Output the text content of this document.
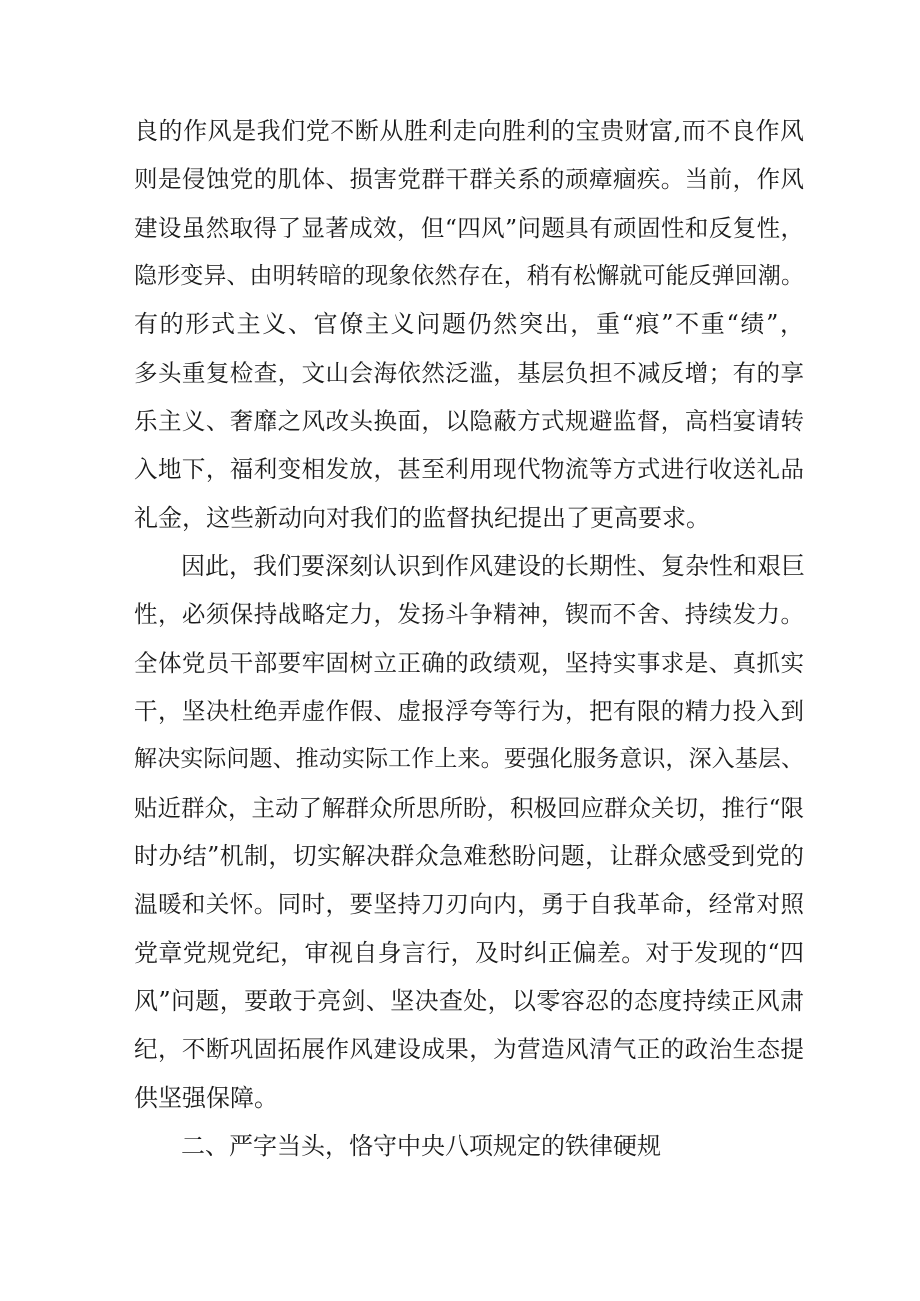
良的作风是我们党不断从胜利走向胜利的宝贵财富,而不良作风
则是侵蚀党的肌体、损害党群干群关系的顽瘴痼疾。当前，作风
建设虽然取得了显著成效，但“四风”问题具有顽固性和反复性，
隐形变异、由明转暗的现象依然存在，稍有松懈就可能反弹回潮。
有的形式主义、官僚主义问题仍然突出，重“痕”不重“绩”，
多头重复检查，文山会海依然泛滥，基层负担不减反增；有的享
乐主义、奢靡之风改头换面，以隐蔽方式规避监督，高档宴请转
入地下，福利变相发放，甚至利用现代物流等方式进行收送礼品
礼金，这些新动向对我们的监督执纪提出了更高要求。
因此，我们要深刻认识到作风建设的长期性、复杂性和艰巨
性，必须保持战略定力，发扬斗争精神，锲而不舍、持续发力。
全体党员干部要牢固树立正确的政绩观，坚持实事求是、真抓实
干，坚决杜绝弄虚作假、虚报浮夸等行为，把有限的精力投入到
解决实际问题、推动实际工作上来。要强化服务意识，深入基层、
贴近群众，主动了解群众所思所盼，积极回应群众关切，推行“限
时办结”机制，切实解决群众急难愁盼问题，让群众感受到党的
温暖和关怀。同时，要坚持刀刃向内，勇于自我革命，经常对照
党章党规党纪，审视自身言行，及时纠正偏差。对于发现的“四
风”问题，要敢于亮剑、坚决查处，以零容忍的态度持续正风肃
纪，不断巩固拓展作风建设成果，为营造风清气正的政治生态提
供坚强保障。
二、严字当头，恪守中央八项规定的铁律硬规
